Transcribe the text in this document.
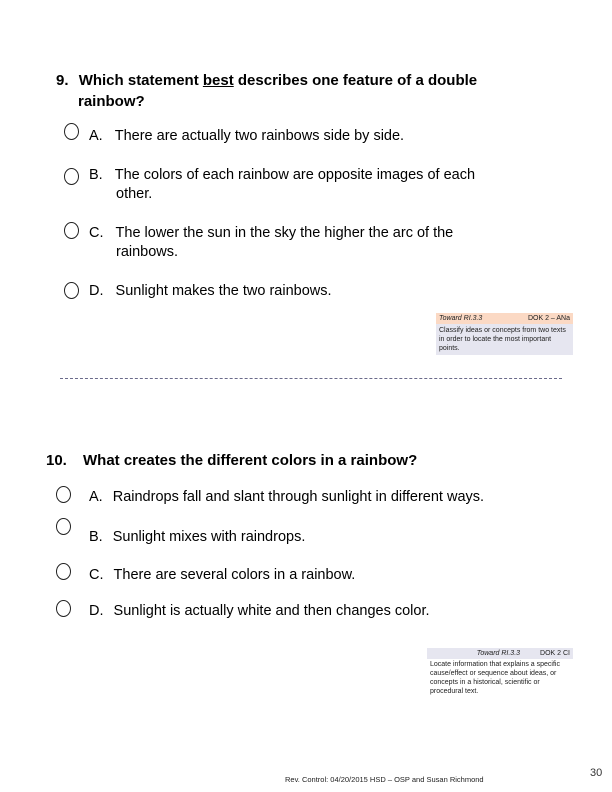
9. Which statement best describes one feature of a double
rainbow?
A. There are actually two rainbows side by side.
B. The colors of each rainbow are opposite images of each
other.
C. The lower the sun in the sky the higher the arc of the
rainbows.
D. Sunlight makes the two rainbows.
Toward RI.3.3	DOK 2 – ANa
Classify ideas or concepts from two texts in order to locate the most important points.
10. What creates the different colors in a rainbow?
A. Raindrops fall and slant through sunlight in different ways.
B. Sunlight mixes with raindrops.
C. There are several colors in a rainbow.
D. Sunlight is actually white and then changes color.
Toward RI.3.3	DOK 2 CI
Locate information that explains a specific cause/effect or sequence about ideas, or concepts in a historical, scientific or procedural text.
Rev. Control: 04/20/2015 HSD – OSP and Susan Richmond
30
